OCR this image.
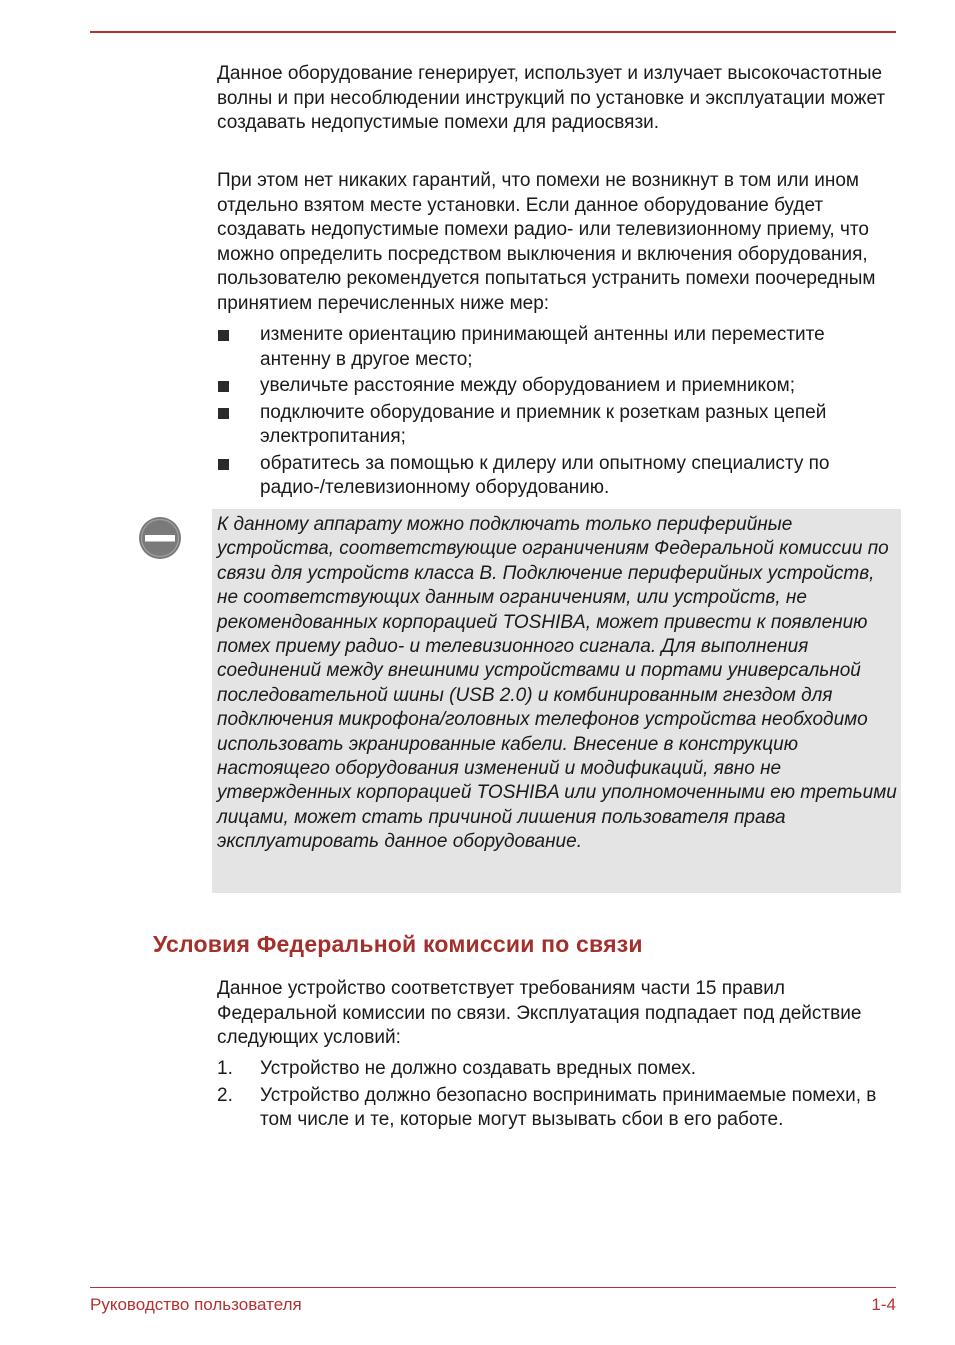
Данное оборудование генерирует, использует и излучает высокочастотные волны и при несоблюдении инструкций по установке и эксплуатации может создавать недопустимые помехи для радиосвязи.

При этом нет никаких гарантий, что помехи не возникнут в том или ином отдельно взятом месте установки. Если данное оборудование будет создавать недопустимые помехи радио- или телевизионному приему, что можно определить посредством выключения и включения оборудования, пользователю рекомендуется попытаться устранить помехи поочередным принятием перечисленных ниже мер:

измените ориентацию принимающей антенны или переместите антенну в другое место;
увеличьте расстояние между оборудованием и приемником;
подключите оборудование и приемник к розеткам разных цепей электропитания;
обратитесь за помощью к дилеру или опытному специалисту по радио-/телевизионному оборудованию.

К данному аппарату можно подключать только периферийные устройства, соответствующие ограничениям Федеральной комиссии по связи для устройств класса B. Подключение периферийных устройств, не соответствующих данным ограничениям, или устройств, не рекомендованных корпорацией TOSHIBA, может привести к появлению помех приему радио- и телевизионного сигнала. Для выполнения соединений между внешними устройствами и портами универсальной последовательной шины (USB 2.0) и комбинированным гнездом для подключения микрофона/головных телефонов устройства необходимо использовать экранированные кабели. Внесение в конструкцию настоящего оборудования изменений и модификаций, явно не утвержденных корпорацией TOSHIBA или уполномоченными ею третьими лицами, может стать причиной лишения пользователя права эксплуатировать данное оборудование.

Условия Федеральной комиссии по связи

Данное устройство соответствует требованиям части 15 правил Федеральной комиссии по связи. Эксплуатация подпадает под действие следующих условий:

1. Устройство не должно создавать вредных помех.
2. Устройство должно безопасно воспринимать принимаемые помехи, в том числе и те, которые могут вызывать сбои в его работе.
Руководство пользователя	1-4
